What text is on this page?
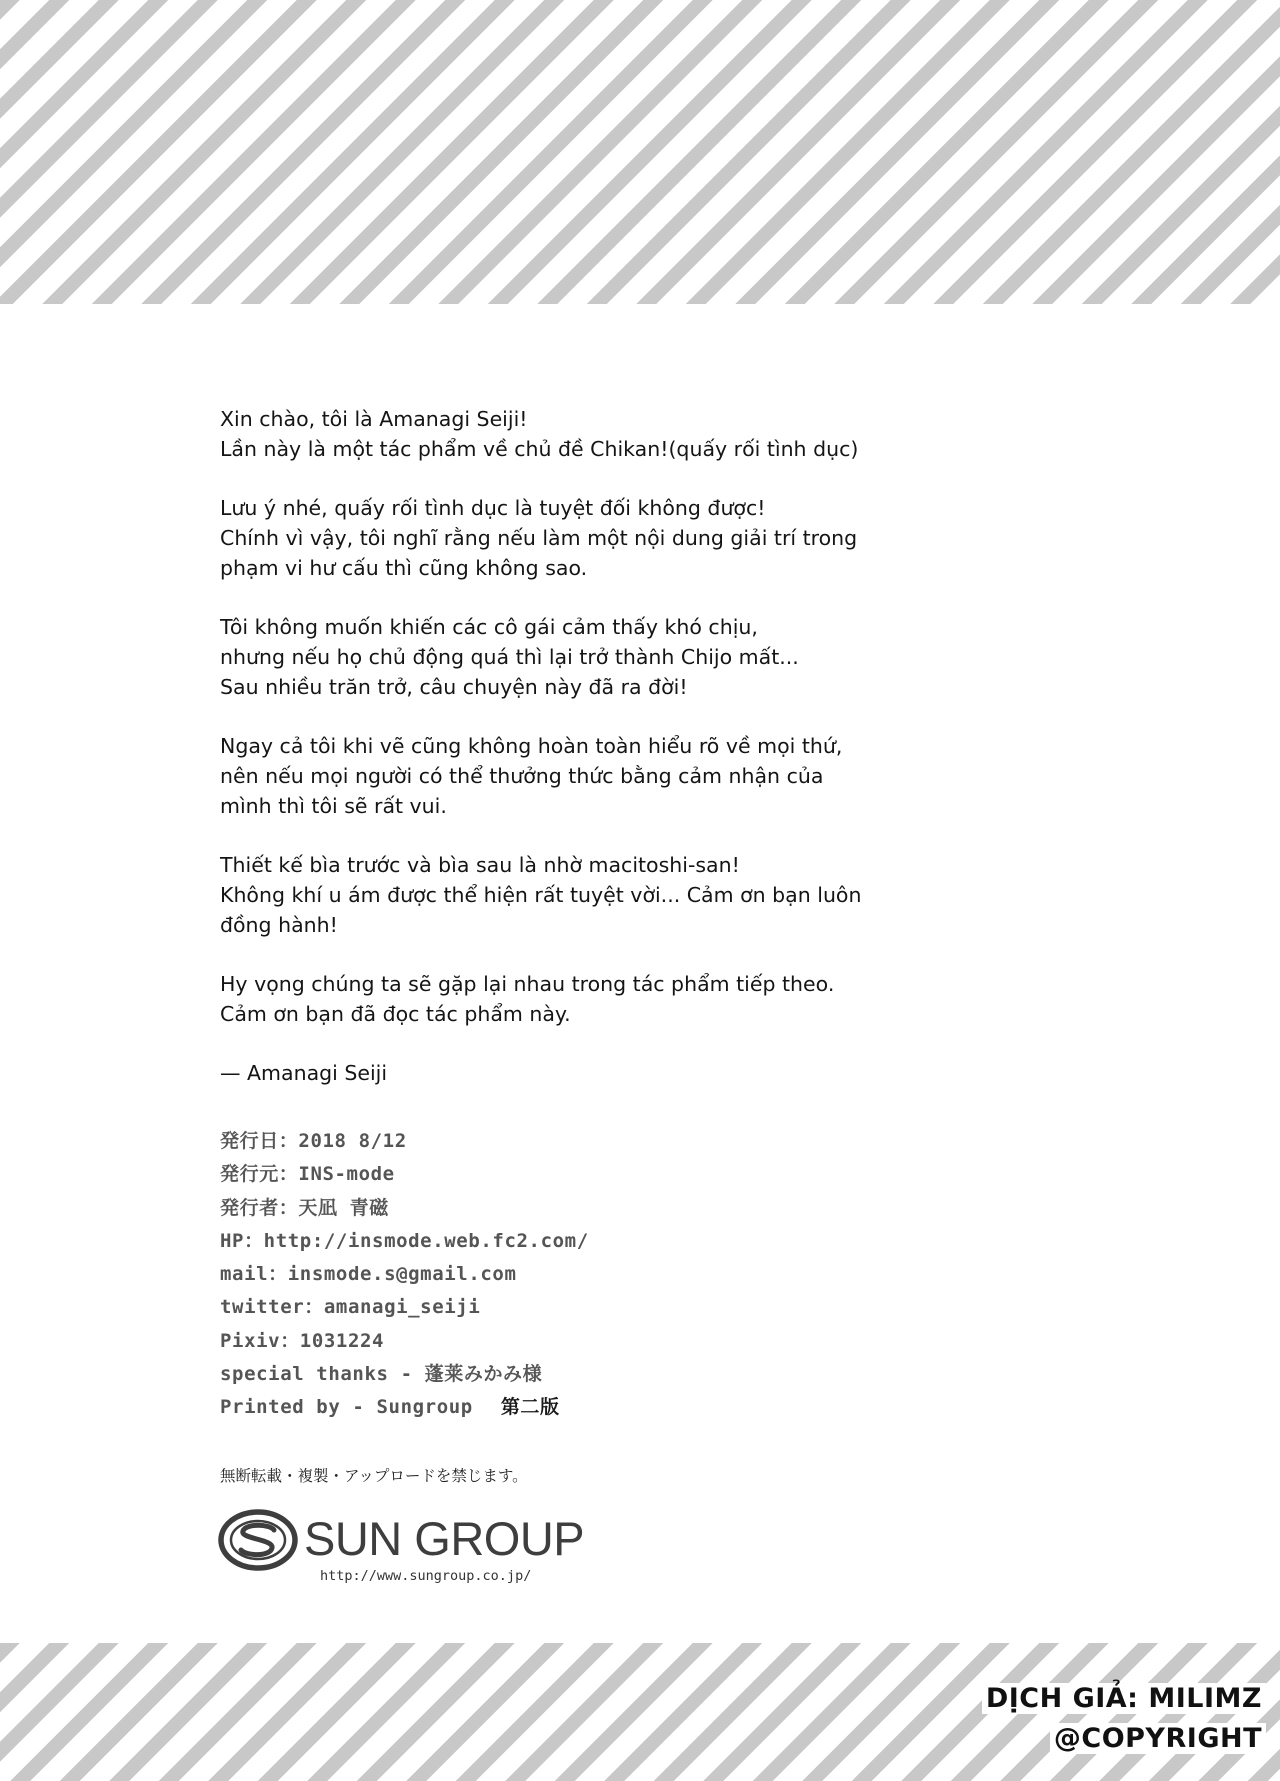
Xin chào, tôi là Amanagi Seiji!
Lần này là một tác phẩm về chủ đề Chikan!(quấy rối tình dục)

Lưu ý nhé, quấy rối tình dục là tuyệt đối không được!
Chính vì vậy, tôi nghĩ rằng nếu làm một nội dung giải trí trong
phạm vi hư cấu thì cũng không sao.

Tôi không muốn khiến các cô gái cảm thấy khó chịu,
nhưng nếu họ chủ động quá thì lại trở thành Chijo mất...
Sau nhiều trăn trở, câu chuyện này đã ra đời!

Ngay cả tôi khi vẽ cũng không hoàn toàn hiểu rõ về mọi thứ,
nên nếu mọi người có thể thưởng thức bằng cảm nhận của
mình thì tôi sẽ rất vui.

Thiết kế bìa trước và bìa sau là nhờ macitoshi-san!
Không khí u ám được thể hiện rất tuyệt vời... Cảm ơn bạn luôn
đồng hành!

Hy vọng chúng ta sẽ gặp lại nhau trong tác phẩm tiếp theo.
Cảm ơn bạn đã đọc tác phẩm này.

— Amanagi Seiji
発行日：2018 8/12
発行元：INS-mode
発行者：天凪 青磁
HP：http://insmode.web.fc2.com/
mail：insmode.s@gmail.com
twitter：amanagi_seiji
Pixiv：1031224
special thanks - 蓬莱みかみ様
Printed by - Sungroup 第二版
無断転載・複製・アップロードを禁じます。
SUN GROUP
http://www.sungroup.co.jp/
DỊCH GIẢ: MILIMZ
@COPYRIGHT
